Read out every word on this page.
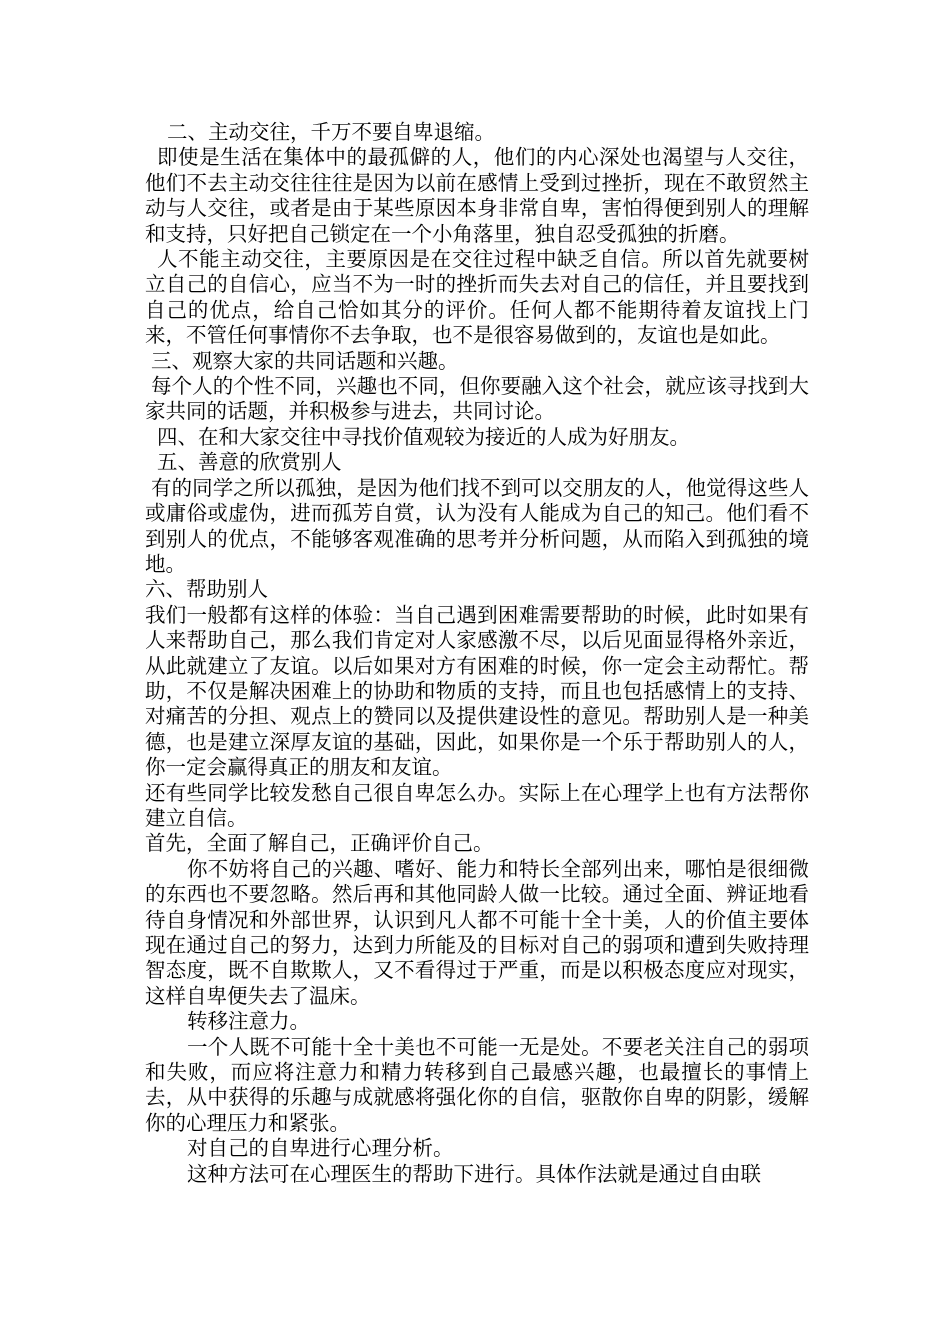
二、主动交往，千万不要自卑退缩。

即使是生活在集体中的最孤僻的人，他们的内心深处也渴望与人交往，他们不去主动交往往往是因为以前在感情上受到过挫折，现在不敢贸然主动与人交往，或者是由于某些原因本身非常自卑，害怕得便到别人的理解和支持，只好把自己锁定在一个小角落里，独自忍受孤独的折磨。

人不能主动交往，主要原因是在交往过程中缺乏自信。所以首先就要树立自己的自信心，应当不为一时的挫折而失去对自己的信任，并且要找到自己的优点，给自己恰如其分的评价。任何人都不能期待着友谊找上门来，不管任何事情你不去争取，也不是很容易做到的，友谊也是如此。

三、观察大家的共同话题和兴趣。

每个人的个性不同，兴趣也不同，但你要融入这个社会，就应该寻找到大家共同的话题，并积极参与进去，共同讨论。

四、在和大家交往中寻找价值观较为接近的人成为好朋友。

五、善意的欣赏别人

有的同学之所以孤独，是因为他们找不到可以交朋友的人，他觉得这些人或庸俗或虚伪，进而孤芳自赏，认为没有人能成为自己的知己。他们看不到别人的优点，不能够客观准确的思考并分析问题，从而陷入到孤独的境地。

六、帮助别人

我们一般都有这样的体验：当自己遇到困难需要帮助的时候，此时如果有人来帮助自己，那么我们肯定对人家感激不尽，以后见面显得格外亲近，从此就建立了友谊。以后如果对方有困难的时候，你一定会主动帮忙。帮助，不仅是解决困难上的协助和物质的支持，而且也包括感情上的支持、对痛苦的分担、观点上的赞同以及提供建设性的意见。帮助别人是一种美德，也是建立深厚友谊的基础，因此，如果你是一个乐于帮助别人的人，你一定会赢得真正的朋友和友谊。

还有些同学比较发愁自己很自卑怎么办。实际上在心理学上也有方法帮你建立自信。

首先，全面了解自己，正确评价自己。

你不妨将自己的兴趣、嗜好、能力和特长全部列出来，哪怕是很细微的东西也不要忽略。然后再和其他同龄人做一比较。通过全面、辨证地看待自身情况和外部世界，认识到凡人都不可能十全十美，人的价值主要体现在通过自己的努力，达到力所能及的目标对自己的弱项和遭到失败持理智态度，既不自欺欺人，又不看得过于严重，而是以积极态度应对现实，这样自卑便失去了温床。

转移注意力。

一个人既不可能十全十美也不可能一无是处。不要老关注自己的弱项和失败，而应将注意力和精力转移到自己最感兴趣，也最擅长的事情上去，从中获得的乐趣与成就感将强化你的自信，驱散你自卑的阴影，缓解你的心理压力和紧张。

对自己的自卑进行心理分析。

这种方法可在心理医生的帮助下进行。具体作法就是通过自由联
